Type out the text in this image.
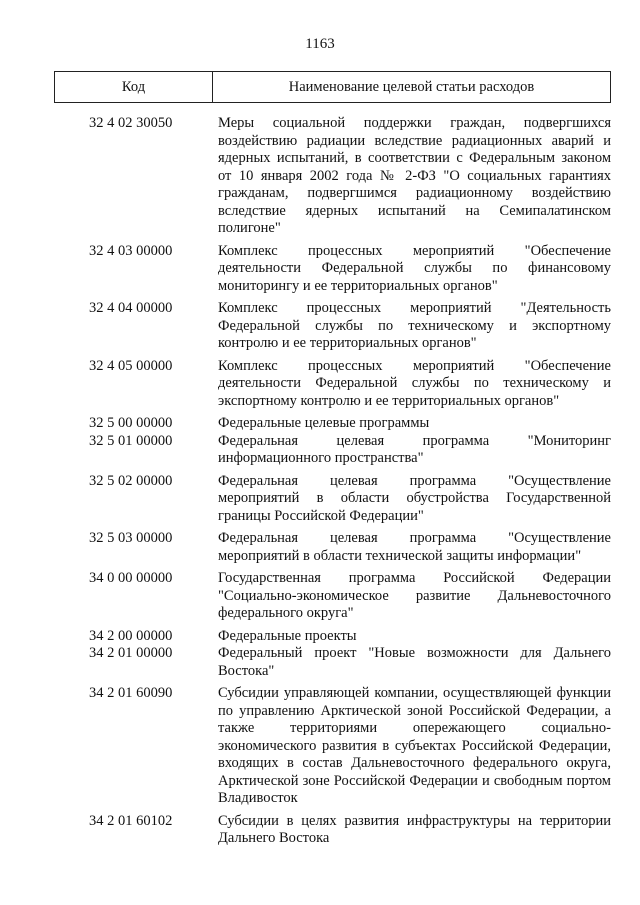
1163
Код	Наименование целевой статьи расходов
32 4 02 30050	Меры социальной поддержки граждан, подвергшихся воздействию радиации вследствие радиационных аварий и ядерных испытаний, в соответствии с Федеральным законом от 10 января 2002 года № 2-ФЗ "О социальных гарантиях гражданам, подвергшимся радиационному воздействию вследствие ядерных испытаний на Семипалатинском полигоне"
32 4 03 00000	Комплекс процессных мероприятий "Обеспечение деятельности Федеральной службы по финансовому мониторингу и ее территориальных органов"
32 4 04 00000	Комплекс процессных мероприятий "Деятельность Федеральной службы по техническому и экспортному контролю и ее территориальных органов"
32 4 05 00000	Комплекс процессных мероприятий "Обеспечение деятельности Федеральной службы по техническому и экспортному контролю и ее территориальных органов"
32 5 00 00000	Федеральные целевые программы
32 5 01 00000	Федеральная целевая программа "Мониторинг информационного пространства"
32 5 02 00000	Федеральная целевая программа "Осуществление мероприятий в области обустройства Государственной границы Российской Федерации"
32 5 03 00000	Федеральная целевая программа "Осуществление мероприятий в области технической защиты информации"
34 0 00 00000	Государственная программа Российской Федерации "Социально-экономическое развитие Дальневосточного федерального округа"
34 2 00 00000	Федеральные проекты
34 2 01 00000	Федеральный проект "Новые возможности для Дальнего Востока"
34 2 01 60090	Субсидии управляющей компании, осуществляющей функции по управлению Арктической зоной Российской Федерации, а также территориями опережающего социально-экономического развития в субъектах Российской Федерации, входящих в состав Дальневосточного федерального округа, Арктической зоне Российской Федерации и свободным портом Владивосток
34 2 01 60102	Субсидии в целях развития инфраструктуры на территории Дальнего Востока
